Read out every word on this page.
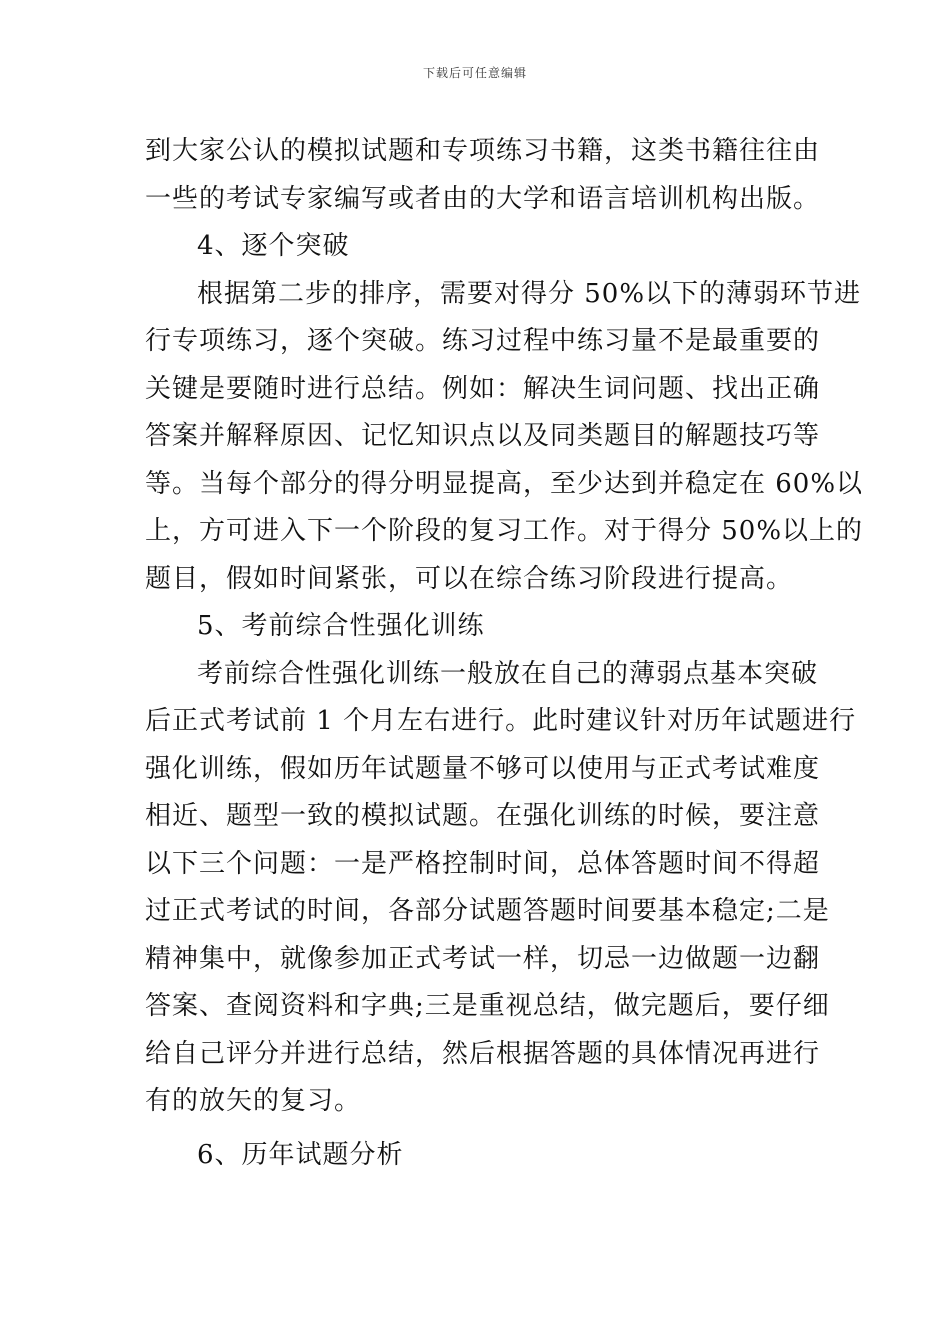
下载后可任意编辑
到大家公认的模拟试题和专项练习书籍，这类书籍往往由
一些的考试专家编写或者由的大学和语言培训机构出版。
4、逐个突破
根据第二步的排序，需要对得分 50%以下的薄弱环节进
行专项练习，逐个突破。练习过程中练习量不是最重要的
关键是要随时进行总结。例如：解决生词问题、找出正确
答案并解释原因、记忆知识点以及同类题目的解题技巧等
等。当每个部分的得分明显提高，至少达到并稳定在 60%以
上，方可进入下一个阶段的复习工作。对于得分 50%以上的
题目，假如时间紧张，可以在综合练习阶段进行提高。
5、考前综合性强化训练
考前综合性强化训练一般放在自己的薄弱点基本突破
后正式考试前 1 个月左右进行。此时建议针对历年试题进行
强化训练，假如历年试题量不够可以使用与正式考试难度
相近、题型一致的模拟试题。在强化训练的时候，要注意
以下三个问题：一是严格控制时间，总体答题时间不得超
过正式考试的时间，各部分试题答题时间要基本稳定;二是
精神集中，就像参加正式考试一样，切忌一边做题一边翻
答案、查阅资料和字典;三是重视总结，做完题后，要仔细
给自己评分并进行总结，然后根据答题的具体情况再进行
有的放矢的复习。
6、历年试题分析
